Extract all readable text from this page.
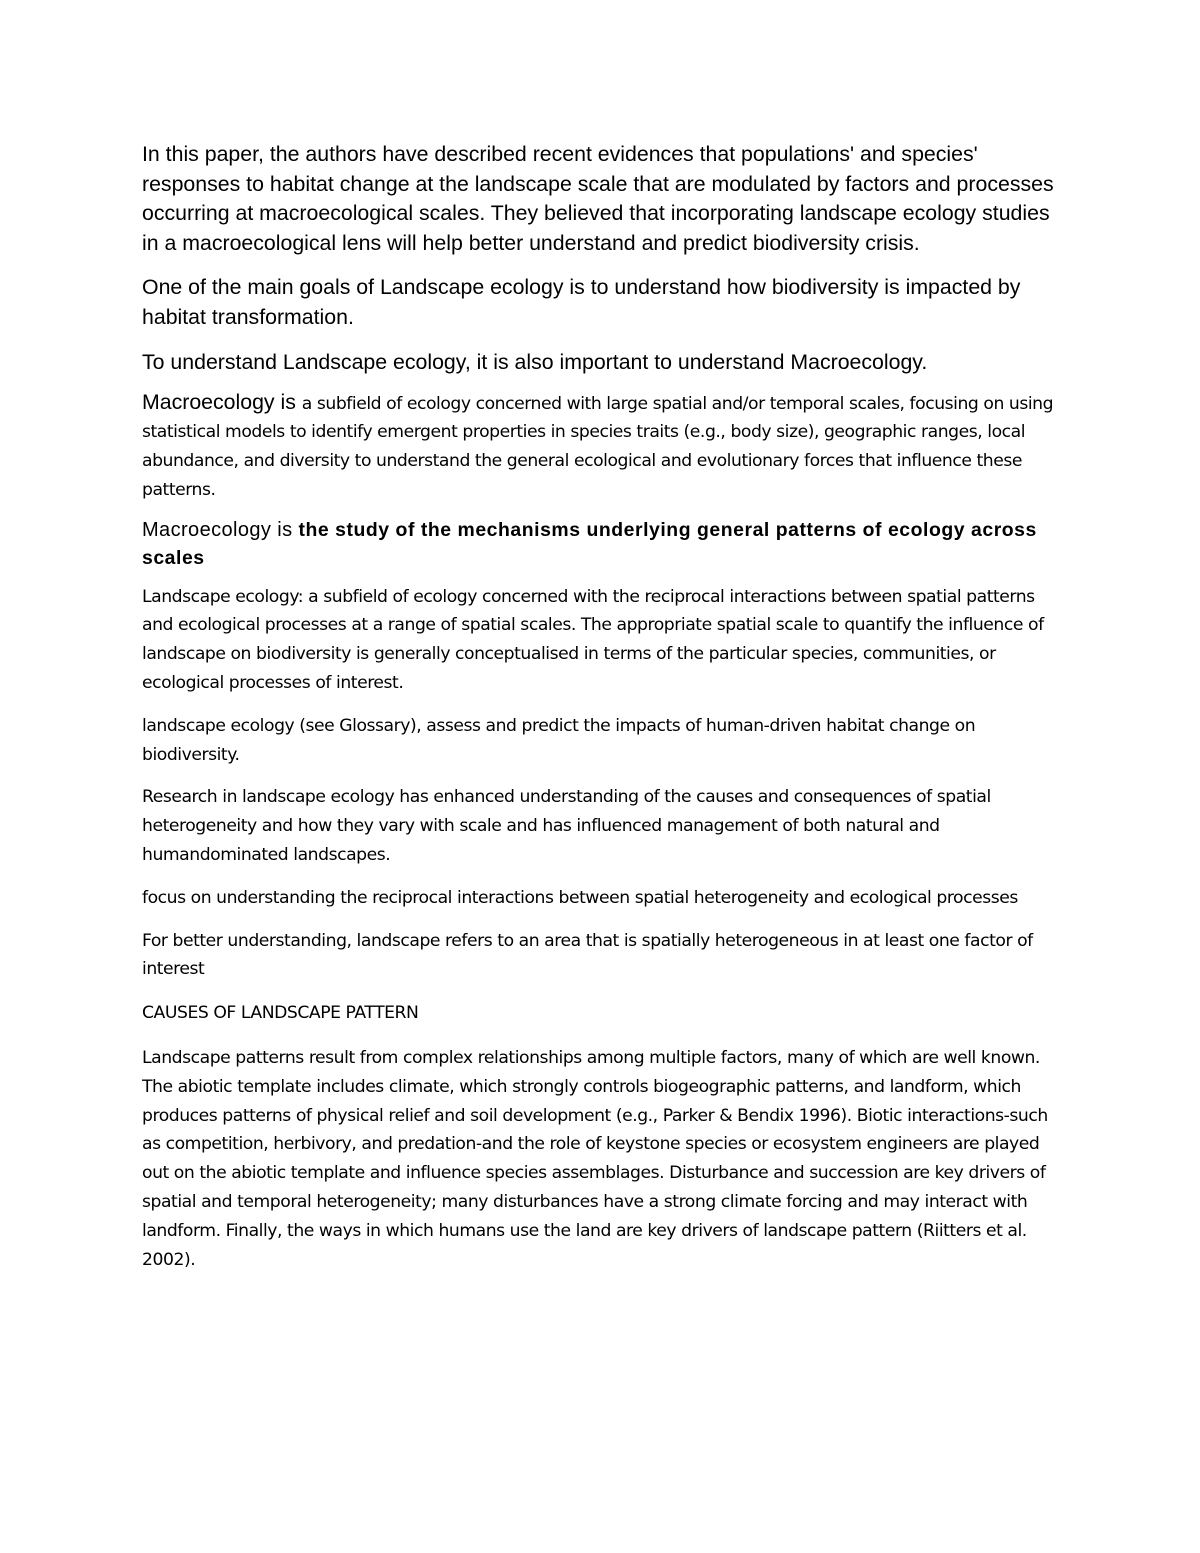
In this paper, the authors have described recent evidences that populations' and species' responses to habitat change at the landscape scale that are modulated by factors and processes occurring at macroecological scales. They believed that incorporating landscape ecology studies in a macroecological lens will help better understand and predict biodiversity crisis.

One of the main goals of Landscape ecology is to understand how biodiversity is impacted by habitat transformation.

To understand Landscape ecology, it is also important to understand Macroecology.

Macroecology is a subfield of ecology concerned with large spatial and/or temporal scales, focusing on using statistical models to identify emergent properties in species traits (e.g., body size), geographic ranges, local abundance, and diversity to understand the general ecological and evolutionary forces that influence these patterns.

Macroecology is the study of the mechanisms underlying general patterns of ecology across scales

Landscape ecology: a subfield of ecology concerned with the reciprocal interactions between spatial patterns and ecological processes at a range of spatial scales. The appropriate spatial scale to quantify the influence of landscape on biodiversity is generally conceptualised in terms of the particular species, communities, or ecological processes of interest.

landscape ecology (see Glossary), assess and predict the impacts of human-driven habitat change on biodiversity.

Research in landscape ecology has enhanced understanding of the causes and consequences of spatial heterogeneity and how they vary with scale and has influenced management of both natural and humandominated landscapes.

focus on understanding the reciprocal interactions between spatial heterogeneity and ecological processes

For better understanding, landscape refers to an area that is spatially heterogeneous in at least one factor of interest

CAUSES OF LANDSCAPE PATTERN

Landscape patterns result from complex relationships among multiple factors, many of which are well known. The abiotic template includes climate, which strongly controls biogeographic patterns, and landform, which produces patterns of physical relief and soil development (e.g., Parker & Bendix 1996). Biotic interactions-such as competition, herbivory, and predation-and the role of keystone species or ecosystem engineers are played out on the abiotic template and influence species assemblages. Disturbance and succession are key drivers of spatial and temporal heterogeneity; many disturbances have a strong climate forcing and may interact with landform. Finally, the ways in which humans use the land are key drivers of landscape pattern (Riitters et al. 2002).
